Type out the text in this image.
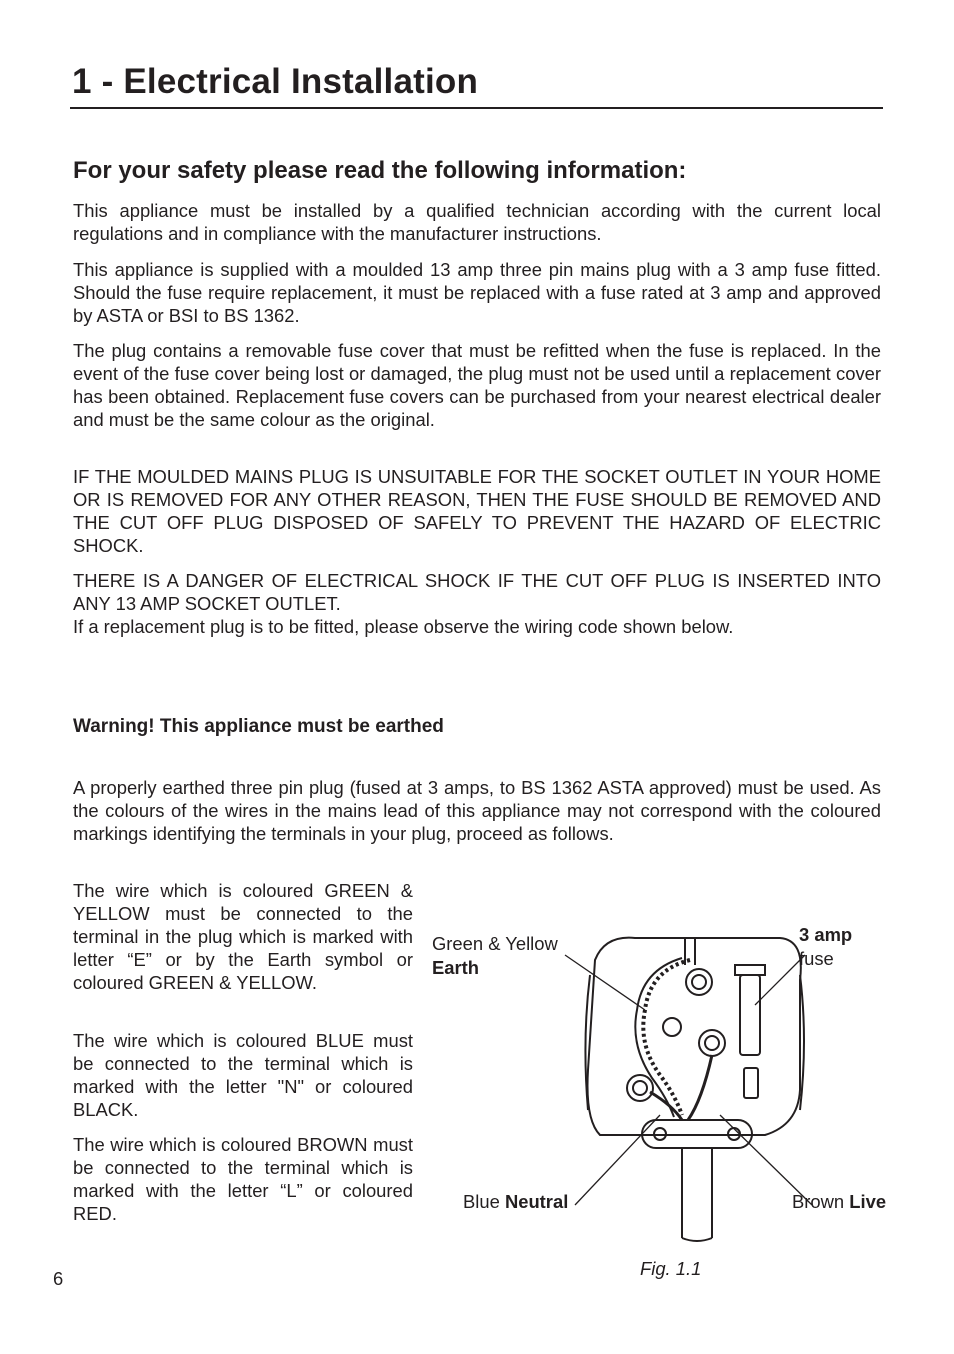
1 - Electrical Installation
For your safety please read the following information:

This appliance must be installed by a qualified technician according with the current local regulations and in compliance with the manufacturer instructions.

This appliance is supplied with a moulded 13 amp three pin mains plug with a 3 amp fuse fitted. Should the fuse require replacement, it must be replaced with a fuse rated at 3 amp and approved by ASTA or BSI to BS 1362.

The plug contains a removable fuse cover that must be refitted when the fuse is replaced. In the event of the fuse cover being lost or damaged, the plug must not be used until a replacement cover has been obtained. Replacement fuse covers can be purchased from your nearest electrical dealer and must be the same colour as the original.

IF THE MOULDED MAINS PLUG IS UNSUITABLE FOR THE SOCKET OUTLET IN YOUR HOME OR IS REMOVED FOR ANY OTHER REASON, THEN THE FUSE SHOULD BE REMOVED AND THE CUT OFF PLUG DISPOSED OF SAFELY TO PREVENT THE HAZARD OF ELECTRIC SHOCK.

THERE IS A DANGER OF ELECTRICAL SHOCK IF THE CUT OFF PLUG IS INSERTED INTO ANY 13 AMP SOCKET OUTLET.

If a replacement plug is to be fitted, please observe the wiring code shown below.

Warning! This appliance must be earthed

A properly earthed three pin plug (fused at 3 amps, to BS 1362 ASTA approved) must be used. As the colours of the wires in the mains lead of this appliance may not correspond with the coloured markings identifying the terminals in your plug, proceed as follows.

The wire which is coloured GREEN & YELLOW must be connected to the terminal in the plug which is marked with letter “E” or by the Earth symbol or coloured GREEN & YELLOW.

The wire which is coloured BLUE must be connected to the terminal which is marked with the letter "N" or coloured BLACK.

The wire which is coloured BROWN must be connected to the terminal which is marked with the letter “L” or coloured RED.

Green & Yellow
Earth
3 amp
fuse
Blue Neutral	Brown Live
Fig. 1.1
6
